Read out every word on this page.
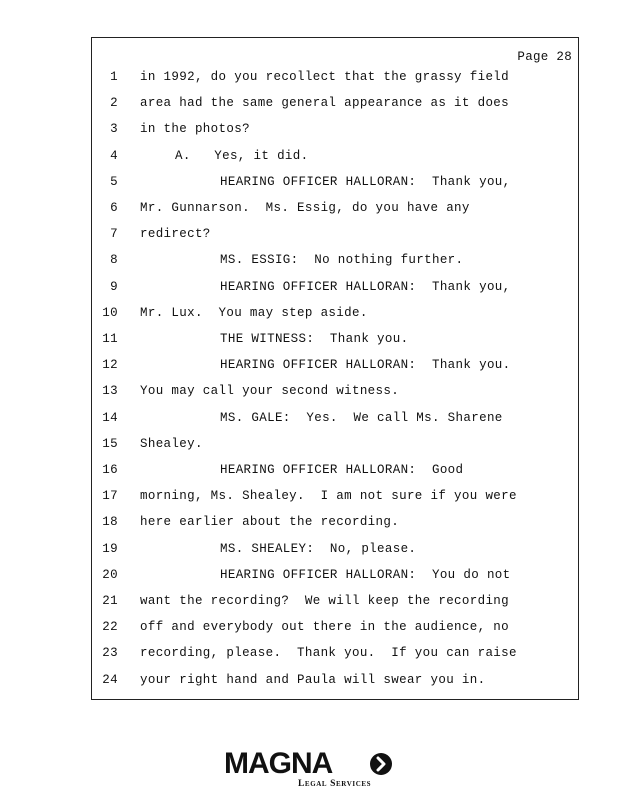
Page 28
1 in 1992, do you recollect that the grassy field
2 area had the same general appearance as it does
3 in the photos?
4	A.   Yes, it did.
5	HEARING OFFICER HALLORAN:  Thank you,
6 Mr. Gunnarson.  Ms. Essig, do you have any
7 redirect?
8	MS. ESSIG:  No nothing further.
9	HEARING OFFICER HALLORAN:  Thank you,
10 Mr. Lux.  You may step aside.
11	THE WITNESS:  Thank you.
12	HEARING OFFICER HALLORAN:  Thank you.
13 You may call your second witness.
14	MS. GALE:  Yes.  We call Ms. Sharene
15 Shealey.
16	HEARING OFFICER HALLORAN:  Good
17 morning, Ms. Shealey.  I am not sure if you were
18 here earlier about the recording.
19	MS. SHEALEY:  No, please.
20	HEARING OFFICER HALLORAN:  You do not
21 want the recording?  We will keep the recording
22 off and everybody out there in the audience, no
23 recording, please.  Thank you.  If you can raise
24 your right hand and Paula will swear you in.
MAGNA
Legal Services
